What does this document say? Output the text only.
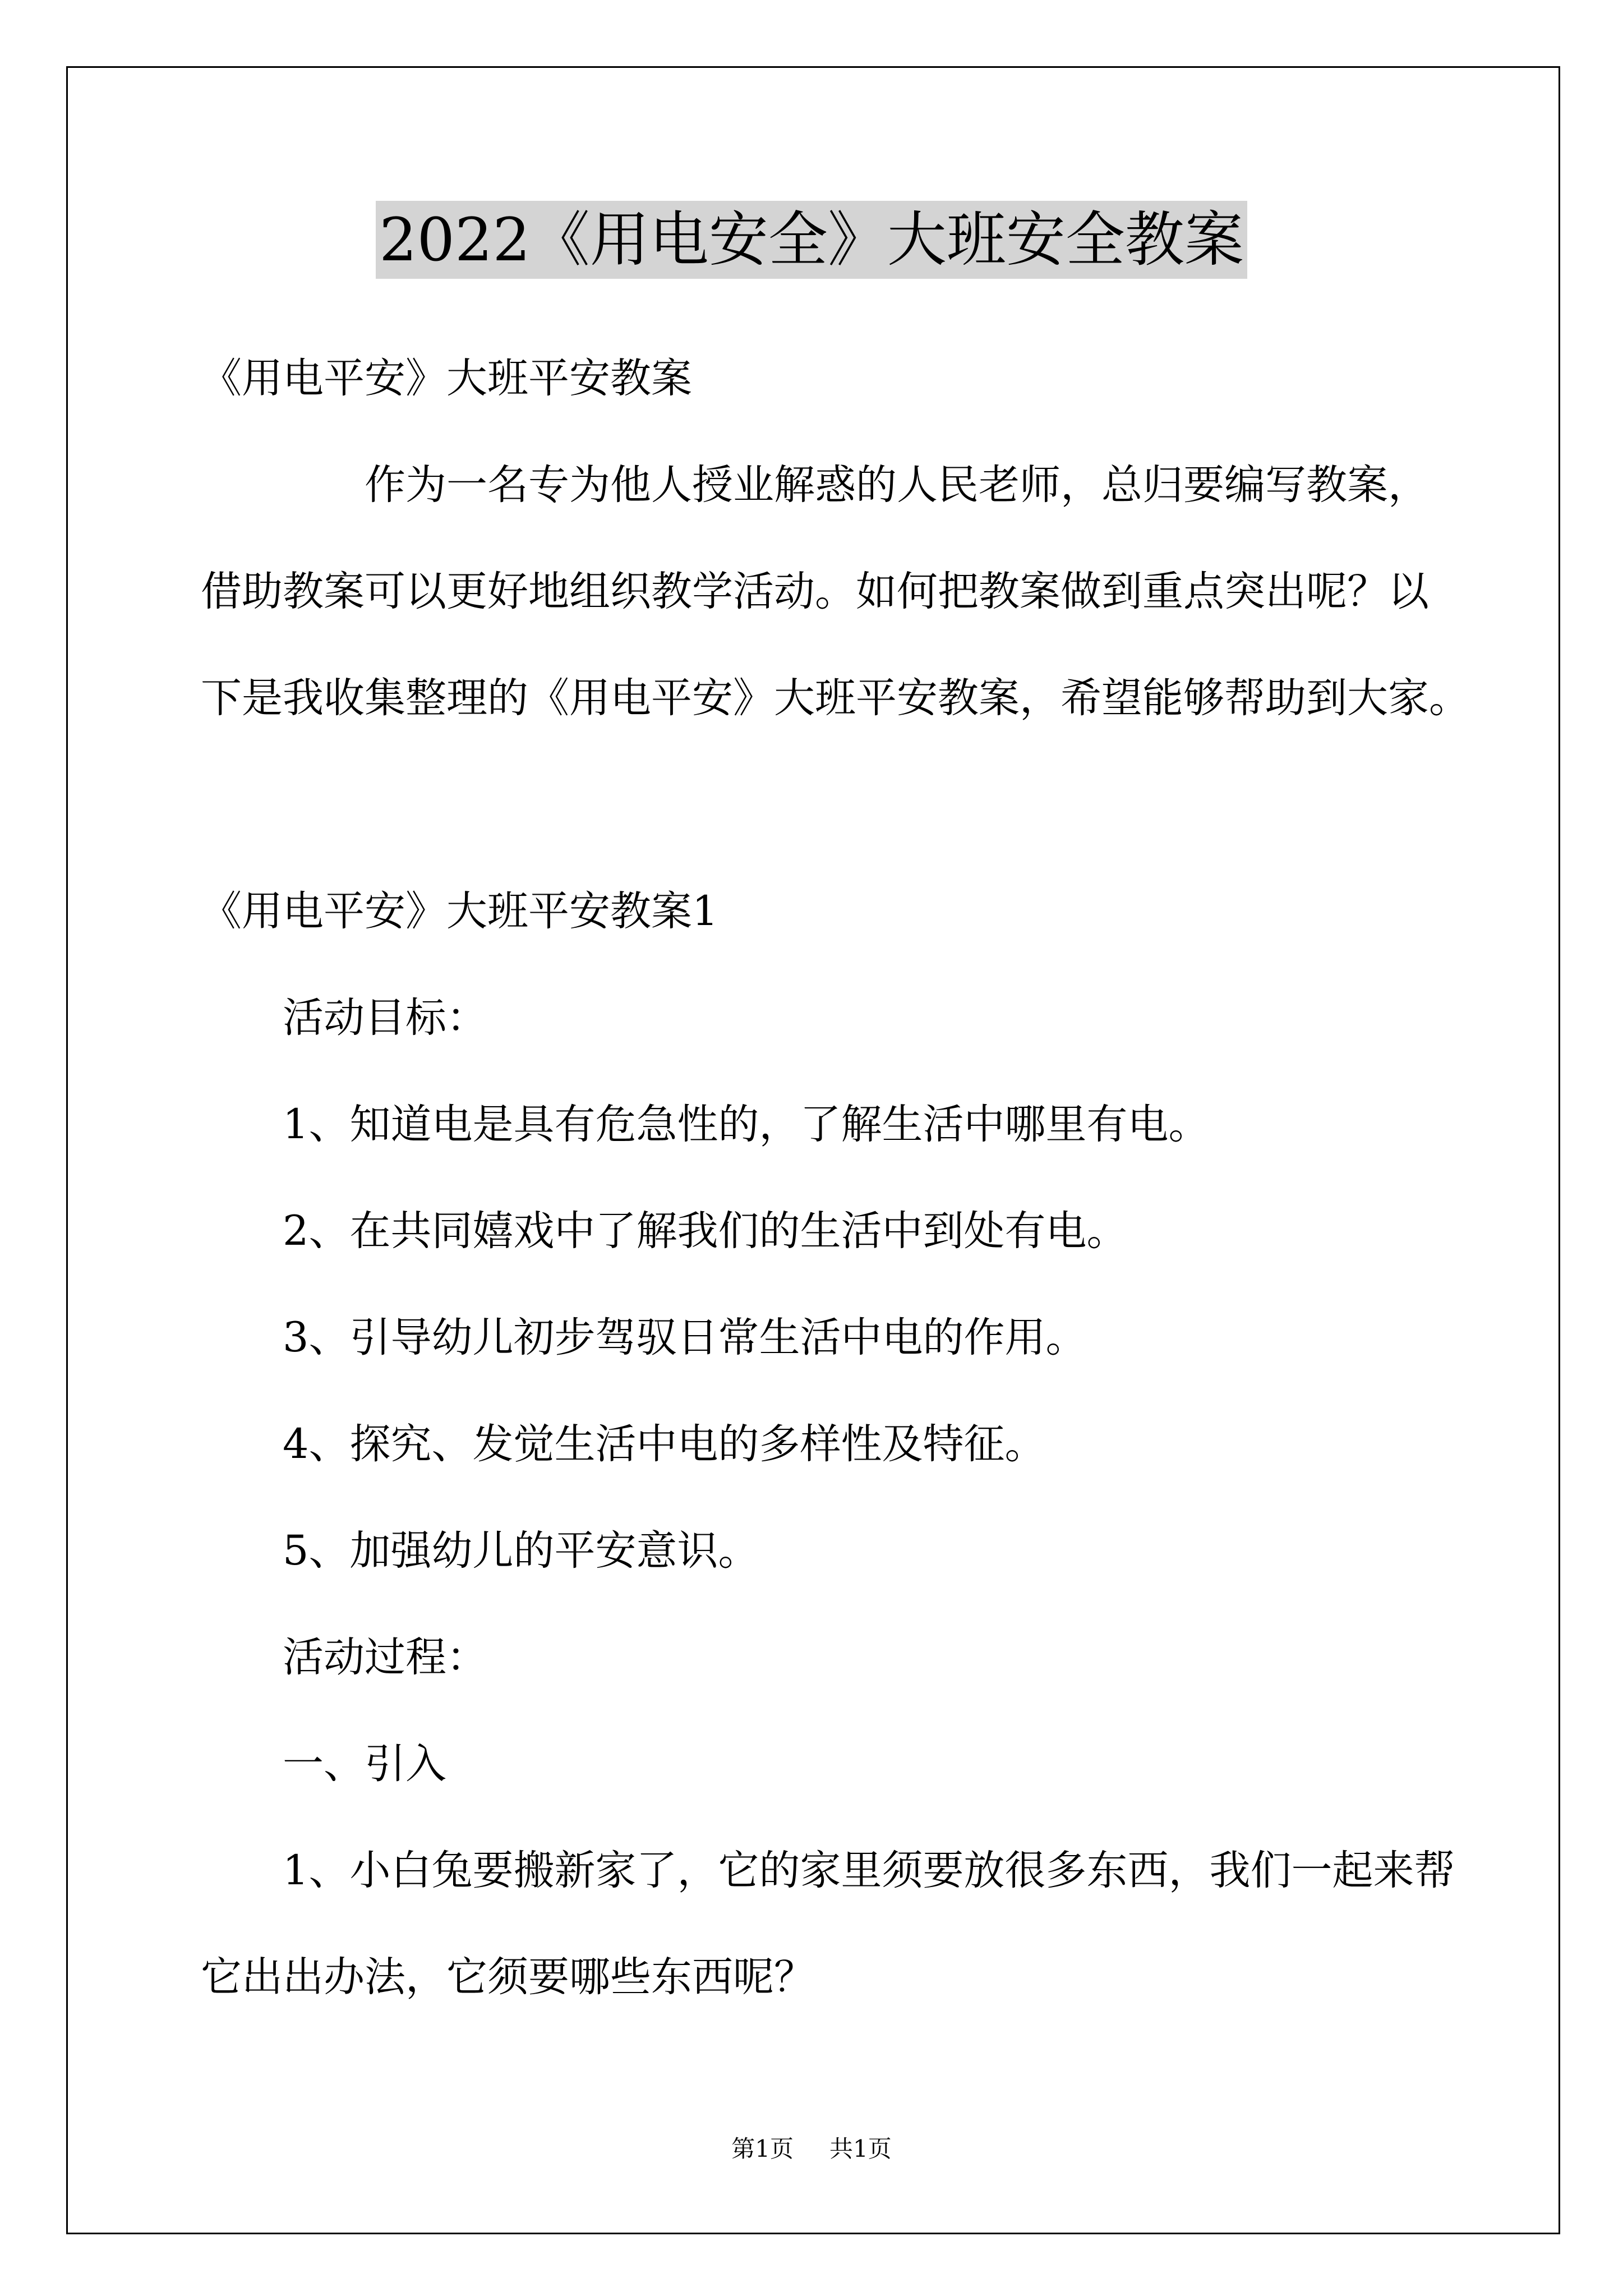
2022《用电安全》大班安全教案
《用电平安》大班平安教案
作为一名专为他人授业解惑的人民老师，总归要编写教案，
借助教案可以更好地组织教学活动。如何把教案做到重点突出呢？以
下是我收集整理的《用电平安》大班平安教案，希望能够帮助到大家。
《用电平安》大班平安教案1
活动目标：
1、知道电是具有危急性的，了解生活中哪里有电。
2、在共同嬉戏中了解我们的生活中到处有电。
3、引导幼儿初步驾驭日常生活中电的作用。
4、探究、发觉生活中电的多样性及特征。
5、加强幼儿的平安意识。
活动过程：
一、引入
1、小白兔要搬新家了，它的家里须要放很多东西，我们一起来帮
它出出办法，它须要哪些东西呢？
第1页 共1页
